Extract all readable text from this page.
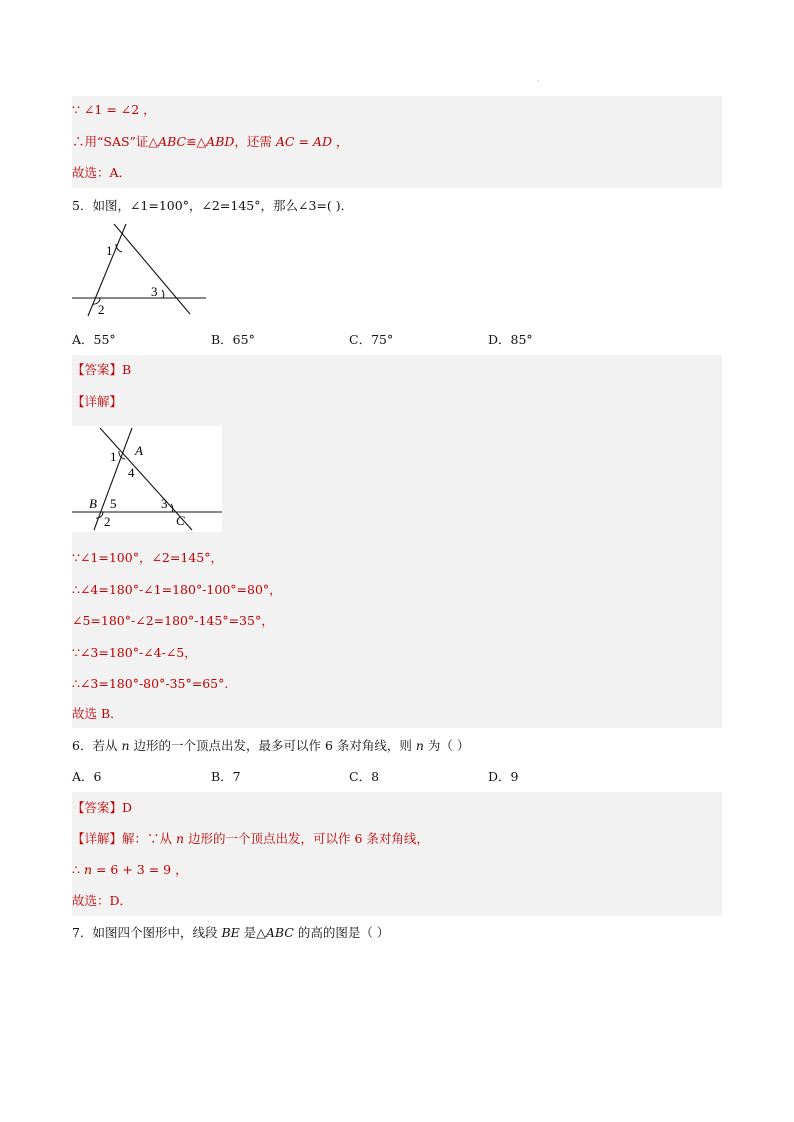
∵ ∠1 = ∠2 ，
∴用“SAS”证△ABC≌△ABD，还需 AC = AD ，
故选：A．
5．如图，∠1=100°，∠2=145°，那么∠3=( )．
1
3
2
A．55°	B．65°	C．75°	D．85°
【答案】B
【详解】
1 A
4
B 5	3
2	C
∵∠1=100°，∠2=145°，
∴∠4=180°-∠1=180°-100°=80°，
∠5=180°-∠2=180°-145°=35°，
∵∠3=180°-∠4-∠5，
∴∠3=180°-80°-35°=65°.
故选 B．
6．若从 n 边形的一个顶点出发，最多可以作 6 条对角线，则 n 为（ ）
A．6	B．7	C．8	D．9
【答案】D
【详解】解：∵从 n 边形的一个顶点出发，可以作 6 条对角线，
∴ n = 6 + 3 = 9 ，
故选：D．
7．如图四个图形中，线段 BE 是△ABC 的高的图是（ ）
